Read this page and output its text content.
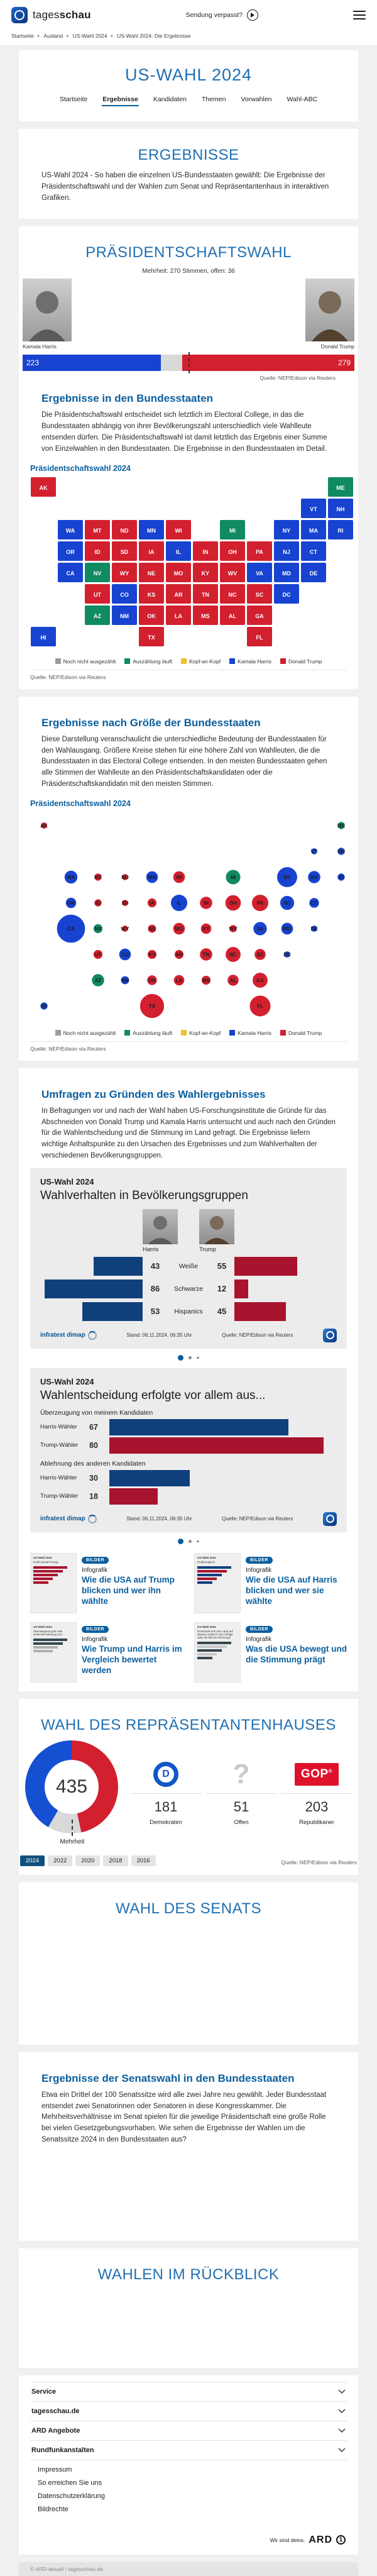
tagesschau	Sendung verpasst?
Startseite ▸ Ausland ▸ US-Wahl 2024 ▸ US-Wahl 2024: Die Ergebnisse
US-WAHL 2024
Startseite Ergebnisse Kandidaten Themen Vorwahlen Wahl-ABC
ERGEBNISSE

US-Wahl 2024 - So haben die einzelnen US-Bundesstaaten gewählt: Die Ergebnisse der Präsidentschaftswahl und der Wahlen zum Senat und Repräsentantenhaus in interaktiven Grafiken.

PRÄSIDENTSCHAFTSWAHL
Mehrheit: 270 Stimmen, offen: 36
Kamala Harris	Donald Trump
223	279
Quelle: NEP/Edison via Reuters
Ergebnisse in den Bundesstaaten

Die Präsidentschaftswahl entscheidet sich letztlich im Electoral College, in das die Bundesstaaten abhängig von ihrer Bevölkerungszahl unterschiedlich viele Wahlleute entsenden dürfen. Die Präsidentschaftswahl ist damit letztlich das Ergebnis einer Summe von Einzelwahlen in den Bundesstaaten. Die Ergebnisse in den Bundesstaaten im Detail.

Präsidentschaftswahl 2024
AK
AL
AR
AZ
CA
CO
CT
DC
DE
FL
GA
HI
IA
ID	IL	IN
KS
KY
LA
MA
MD
ME
MI
MN
MO
MS
MT
NC
ND
NE
NH
NJ
NM
NV
NY
OH
OK
OR	PA
RI
SC
SD
TN
TX
UT
VA
VT
WA	WI
WV
WY
Noch nicht ausgezählt	Auszählung läuft	Kopf-an-Kopf	Kamala Harris	Donald Trump
Quelle: NEP/Edison via Reuters
Ergebnisse nach Größe der Bundesstaaten

Diese Darstellung veranschaulicht die unterschiedliche Bedeutung der Bundesstaaten für den Wahlausgang. Größere Kreise stehen für eine höhere Zahl von Wahlleuten, die die Bundesstaaten in das Electoral College entsenden. In den meisten Bundesstaaten gehen alle Stimmen der Wahlleute an den Präsidentschaftskandidaten oder die Präsidentschaftskandidatin mit den meisten Stimmen.

Präsidentschaftswahl 2024
AK
AL
AR
AZ
CA
CO
CT
DC
DE
FL
GA
HI
IA
ID	IL	IN
KS
KY
LA
MA
MD
ME
MI
MN
MO
MS
MT
NC
ND
NE
NH
NJ
NM
NV
NY
OH
OK
OR	PA
RI
SC
SD
TN
TX
UT
VA
VT
WA	WI
WV
WY
Noch nicht ausgezählt	Auszählung läuft	Kopf-an-Kopf	Kamala Harris	Donald Trump
Quelle: NEP/Edison via Reuters
Umfragen zu Gründen des Wahlergebnisses

In Befragungen vor und nach der Wahl haben US-Forschungsinstitute die Gründe für das Abschneiden von Donald Trump und Kamala Harris untersucht und auch nach den Gründen für die Wahlentscheidung und die Stimmung im Land gefragt. Die Ergebnisse liefern wichtige Anhaltspunkte zu den Ursachen des Ergebnisses und zum Wahlverhalten der verschiedenen Bevölkerungsgruppen.

US-Wahl 2024
Wahlverhalten in Bevölkerungsgruppen
Harris	Trump
43	Weiße	55
86	Schwarze	12
53	Hispanics	45
infratest dimap	Stand: 06.11.2024, 06:35 Uhr	Quelle: NEP/Edison via Reuters
US-Wahl 2024
Wahlentscheidung erfolgte vor allem aus...
Überzeugung von meinem Kandidaten
Harris-Wähler	67
Trump-Wähler	80
Ablehnung des anderen Kandidaten
Harris-Wähler	30
Trump-Wähler	18
infratest dimap	Stand: 06.11.2024, 06:35 Uhr	Quelle: NEP/Edison via Reuters
US-Wahl 2024
Profil Donald Trump	BILDER
Infografik
Wie die USA auf Trump blicken und wer ihn wählte
US-Wahl 2024
Profilvergleich	BILDER
Infografik
Wie die USA auf Harris blicken und wer sie wählte
US-Wahl 2024
Überwiegend gute oder schlechte Meinung von...
BILDER
Infografik
Wie Trump und Harris im Vergleich bewertet werden
US-Wahl 2024
Entwickelt sich das Land auf diesem Gebiet in die richtige oder die falsche Richtung?
BILDER
Infografik
Was die USA bewegt und die Stimmung prägt
WAHL DES REPRÄSENTANTENHAUSES
435
Mehrheit
D	?	GOP®
181	51	203
Demokraten	Offen	Republikaner
2024	2022	2020	2018	2016	Quelle: NEP/Edison via Reuters
WAHL DES SENATS
Ergebnisse der Senatswahl in den Bundesstaaten

Etwa ein Drittel der 100 Senatssitze wird alle zwei Jahre neu gewählt. Jeder Bundesstaat entsendet zwei Senatorinnen oder Senatoren in diese Kongresskammer. Die Mehrheitsverhältnisse im Senat spielen für die jeweilige Präsidentschaft eine große Rolle bei vielen Gesetzgebungsvorhaben. Wie sehen die Ergebnisse der Wahlen um die Senatssitze 2024 in den Bundesstaaten aus?

WAHLEN IM RÜCKBLICK
Service
tagesschau.de
ARD Angebote
Rundfunkanstalten
Impressum
So erreichen Sie uns
Datenschutzerklärung
Bildrechte
Wir sind deins. ARD	1
© ARD-aktuell / tagesschau.de
